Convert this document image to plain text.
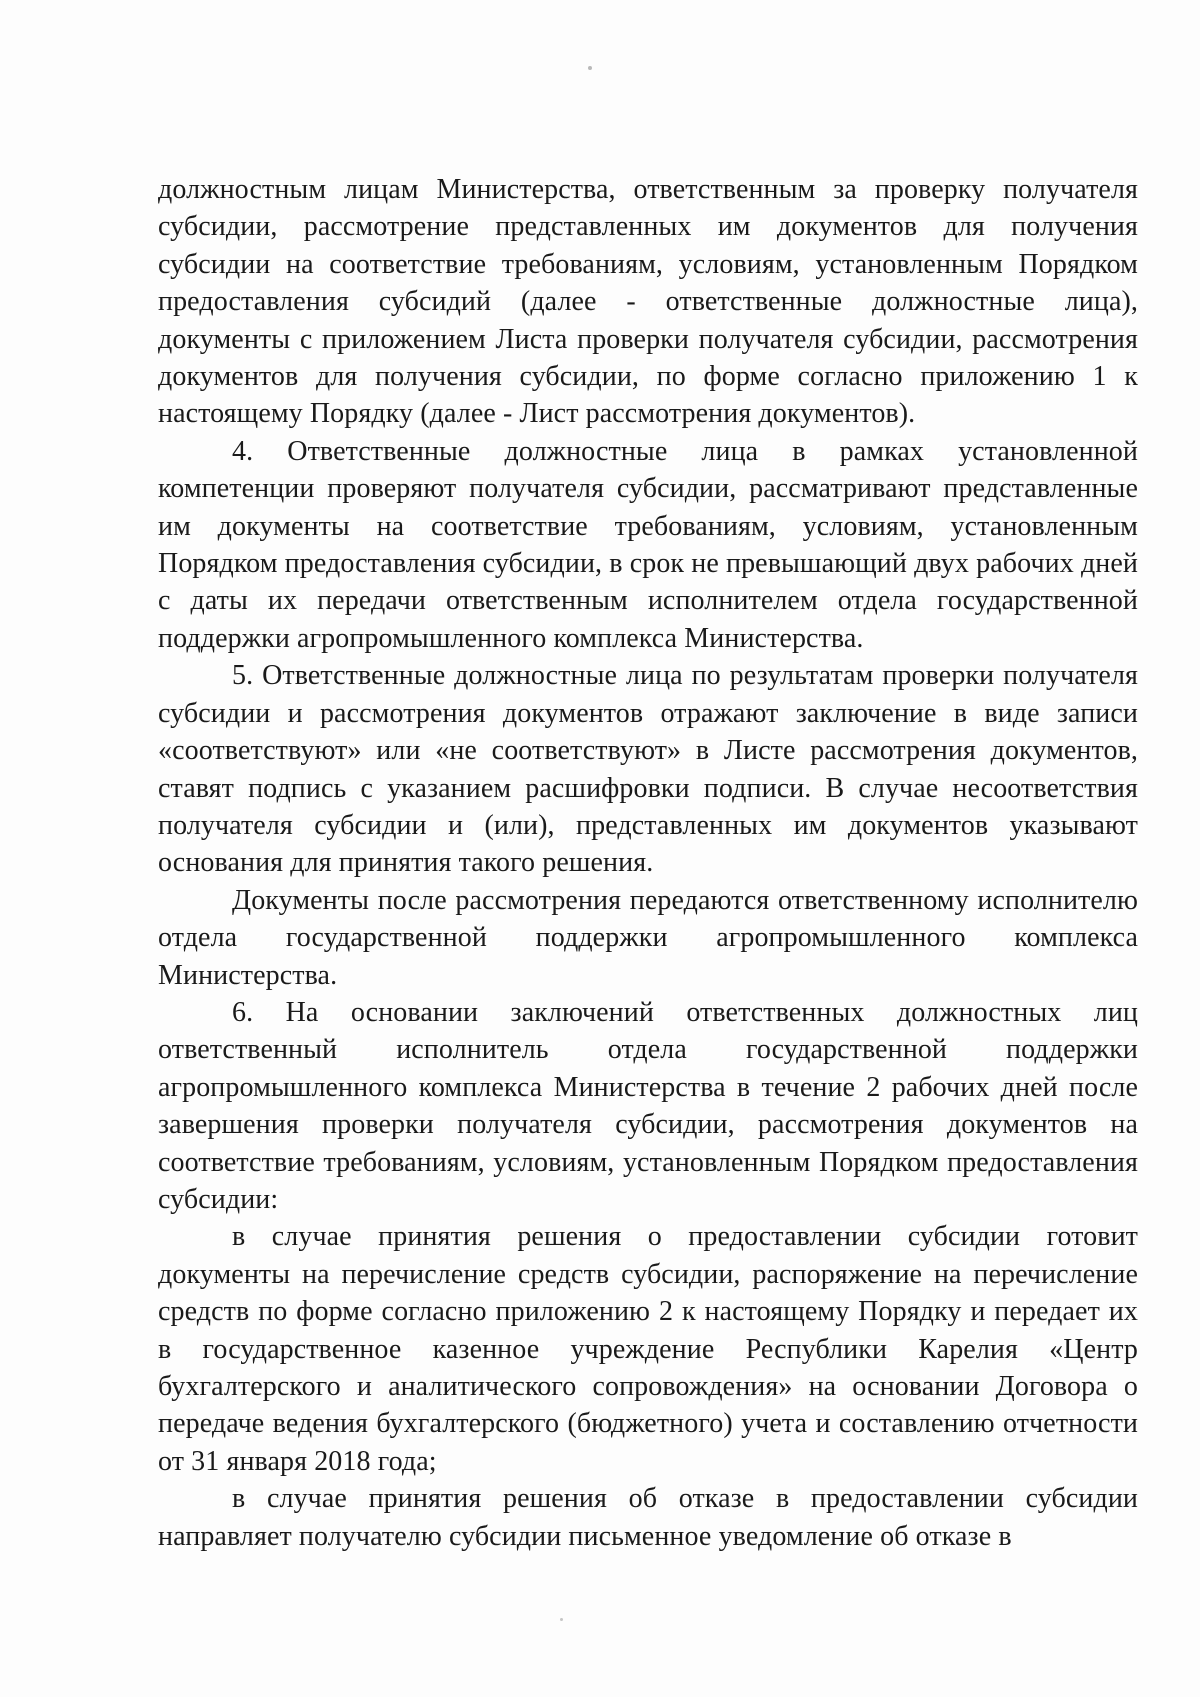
должностным лицам Министерства, ответственным за проверку получателя субсидии, рассмотрение представленных им документов для получения субсидии на соответствие требованиям, условиям, установленным Порядком предоставления субсидий (далее - ответственные должностные лица), документы с приложением Листа проверки получателя субсидии, рассмотрения документов для получения субсидии, по форме согласно приложению 1 к настоящему Порядку (далее - Лист рассмотрения документов).

4. Ответственные должностные лица в рамках установленной компетенции проверяют получателя субсидии, рассматривают представленные им документы на соответствие требованиям, условиям, установленным Порядком предоставления субсидии, в срок не превышающий двух рабочих дней с даты их передачи ответственным исполнителем отдела государственной поддержки агропромышленного комплекса Министерства.

5. Ответственные должностные лица по результатам проверки получателя субсидии и рассмотрения документов отражают заключение в виде записи «соответствуют» или «не соответствуют» в Листе рассмотрения документов, ставят подпись с указанием расшифровки подписи. В случае несоответствия получателя субсидии и (или), представленных им документов указывают основания для принятия такого решения.

Документы после рассмотрения передаются ответственному исполнителю отдела государственной поддержки агропромышленного комплекса Министерства.

6. На основании заключений ответственных должностных лиц ответственный исполнитель отдела государственной поддержки агропромышленного комплекса Министерства в течение 2 рабочих дней после завершения проверки получателя субсидии, рассмотрения документов на соответствие требованиям, условиям, установленным Порядком предоставления субсидии:

в случае принятия решения о предоставлении субсидии готовит документы на перечисление средств субсидии, распоряжение на перечисление средств по форме согласно приложению 2 к настоящему Порядку и передает их в государственное казенное учреждение Республики Карелия «Центр бухгалтерского и аналитического сопровождения» на основании Договора о передаче ведения бухгалтерского (бюджетного) учета и составлению отчетности от 31 января 2018 года;

в случае принятия решения об отказе в предоставлении субсидии направляет получателю субсидии письменное уведомление об отказе в
